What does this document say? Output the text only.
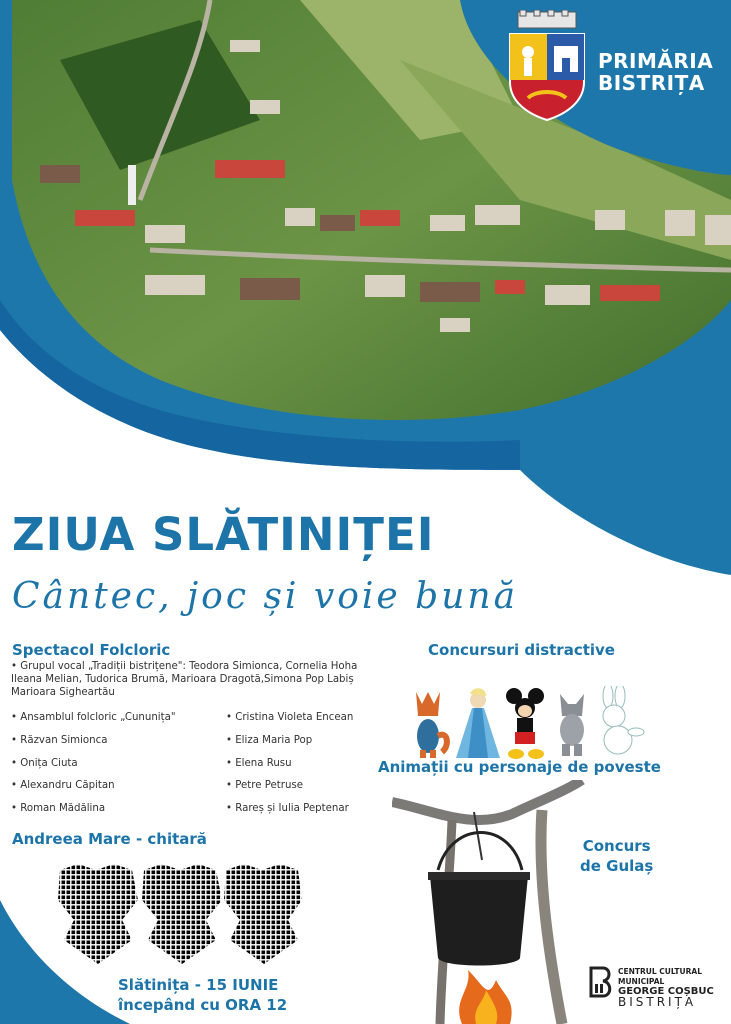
PRIMĂRIA
BISTRIȚA
ZIUA SLĂTINIȚEI
Cântec, joc și voie bună
Spectacol Folcloric
• Grupul vocal „Tradiții bistrițene": Teodora Simionca, Cornelia Hoha Ileana Melian, Tudorica Brumă, Marioara Dragotă,Simona Pop Labiș Marioara Sigheartău
• Ansamblul folcloric „Cununița"
• Răzvan Simionca
• Onița Ciuta
• Alexandru Căpitan
• Roman Mădălina
• Cristina Violeta Encean
• Eliza Maria Pop
• Elena Rusu
• Petre Petruse
• Rareș și Iulia Peptenar
Andreea Mare - chitară
Concursuri distractive
Animații cu personaje de poveste
Concurs
de Gulaș
Slătinița - 15 IUNIE
începând cu ORA 12
CENTRUL CULTURAL MUNICIPAL
GEORGE COȘBUC
BISTRIȚA
